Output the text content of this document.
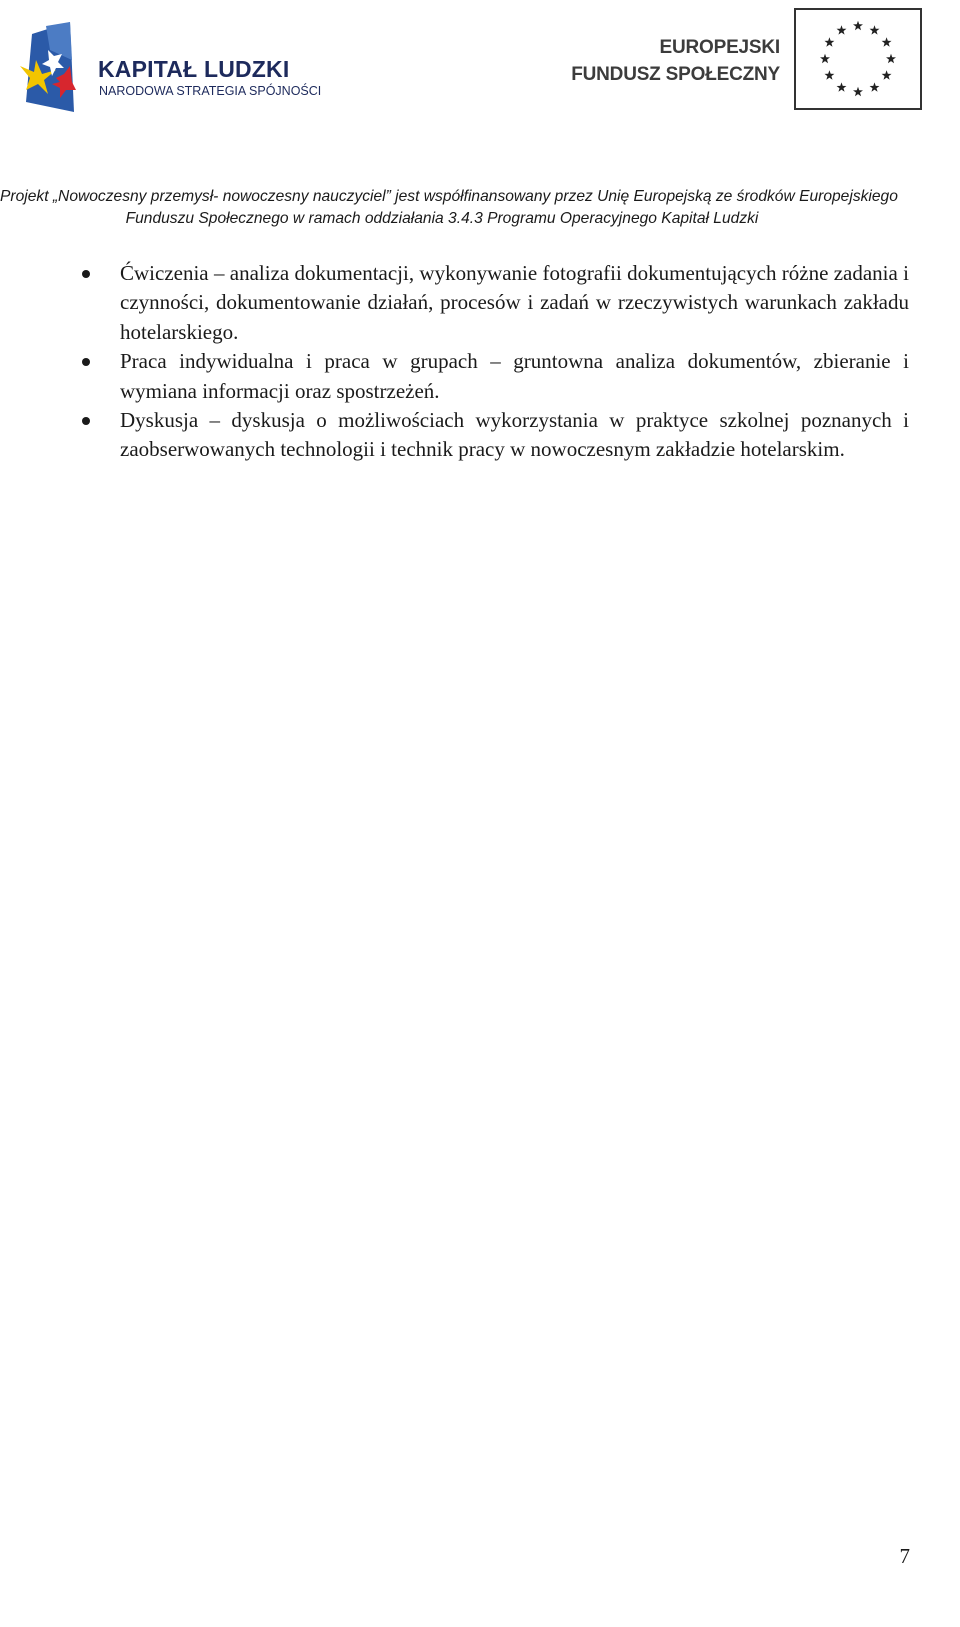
KAPITAŁ LUDZKI
NARODOWA STRATEGIA SPÓJNOŚCI
EUROPEJSKI
FUNDUSZ SPOŁECZNY
Projekt „Nowoczesny przemysł- nowoczesny nauczyciel” jest współfinansowany przez Unię Europejską ze środków Europejskiego
Funduszu Społecznego w ramach oddziałania 3.4.3 Programu Operacyjnego Kapitał Ludzki
Ćwiczenia – analiza dokumentacji, wykonywanie fotografii dokumentujących różne zadania i czynności, dokumentowanie działań, procesów i zadań w rzeczywistych warunkach zakładu hotelarskiego.
Praca indywidualna i praca w grupach – gruntowna analiza dokumentów, zbieranie i wymiana informacji oraz spostrzeżeń.
Dyskusja – dyskusja o możliwościach wykorzystania w praktyce szkolnej poznanych i zaobserwowanych technologii i technik pracy w nowoczesnym zakładzie hotelarskim.
7
